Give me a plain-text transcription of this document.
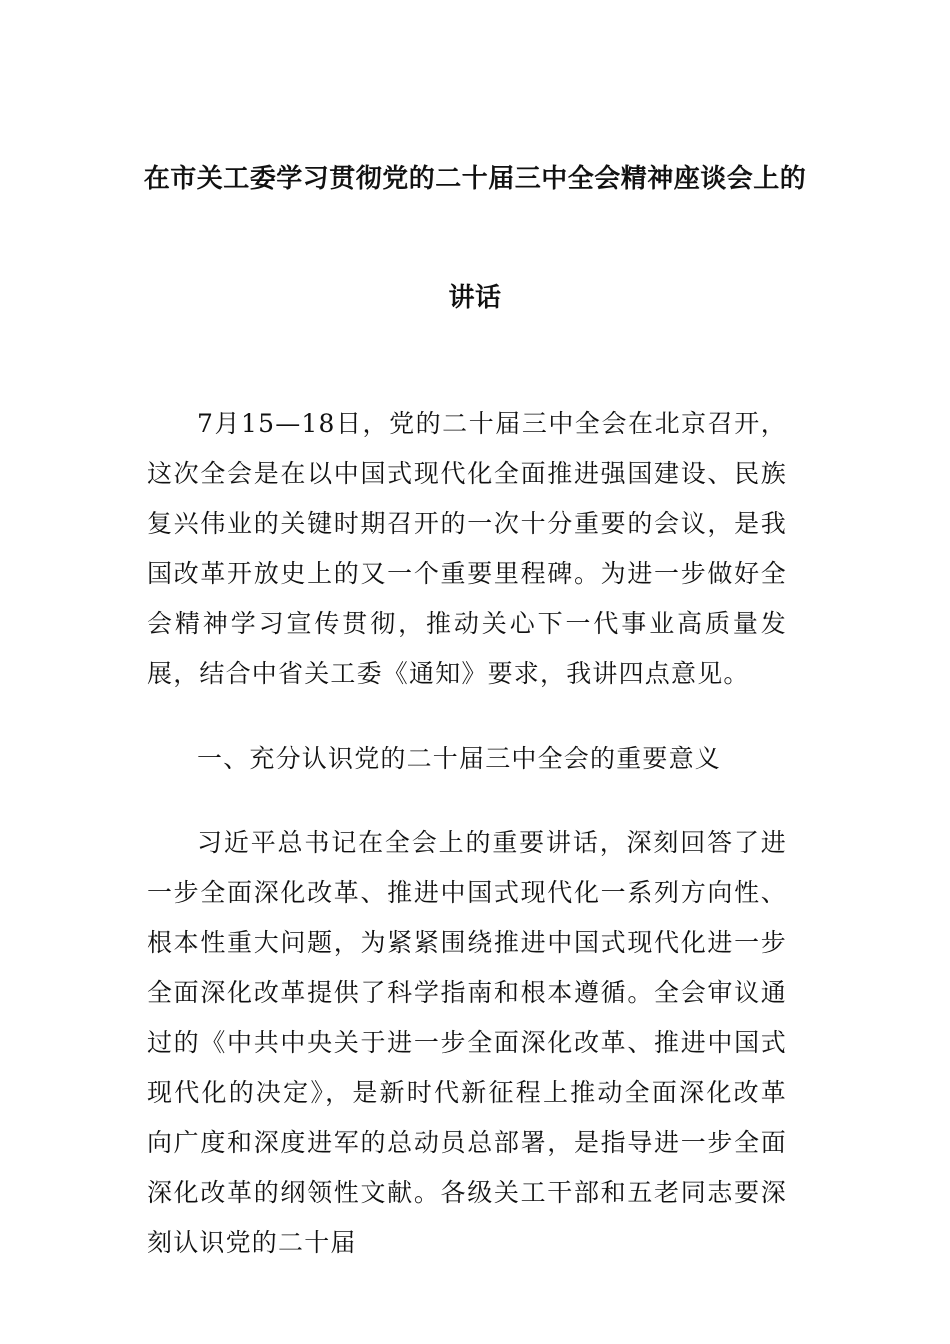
在市关工委学习贯彻党的二十届三中全会精神座谈会上的
讲话

7月15—18日，党的二十届三中全会在北京召开，这次全会是在以中国式现代化全面推进强国建设、民族复兴伟业的关键时期召开的一次十分重要的会议，是我国改革开放史上的又一个重要里程碑。为进一步做好全会精神学习宣传贯彻，推动关心下一代事业高质量发展，结合中省关工委《通知》要求，我讲四点意见。

一、充分认识党的二十届三中全会的重要意义

习近平总书记在全会上的重要讲话，深刻回答了进一步全面深化改革、推进中国式现代化一系列方向性、根本性重大问题，为紧紧围绕推进中国式现代化进一步全面深化改革提供了科学指南和根本遵循。全会审议通过的《中共中央关于进一步全面深化改革、推进中国式现代化的决定》，是新时代新征程上推动全面深化改革向广度和深度进军的总动员总部署，是指导进一步全面深化改革的纲领性文献。各级关工干部和五老同志要深刻认识党的二十届
